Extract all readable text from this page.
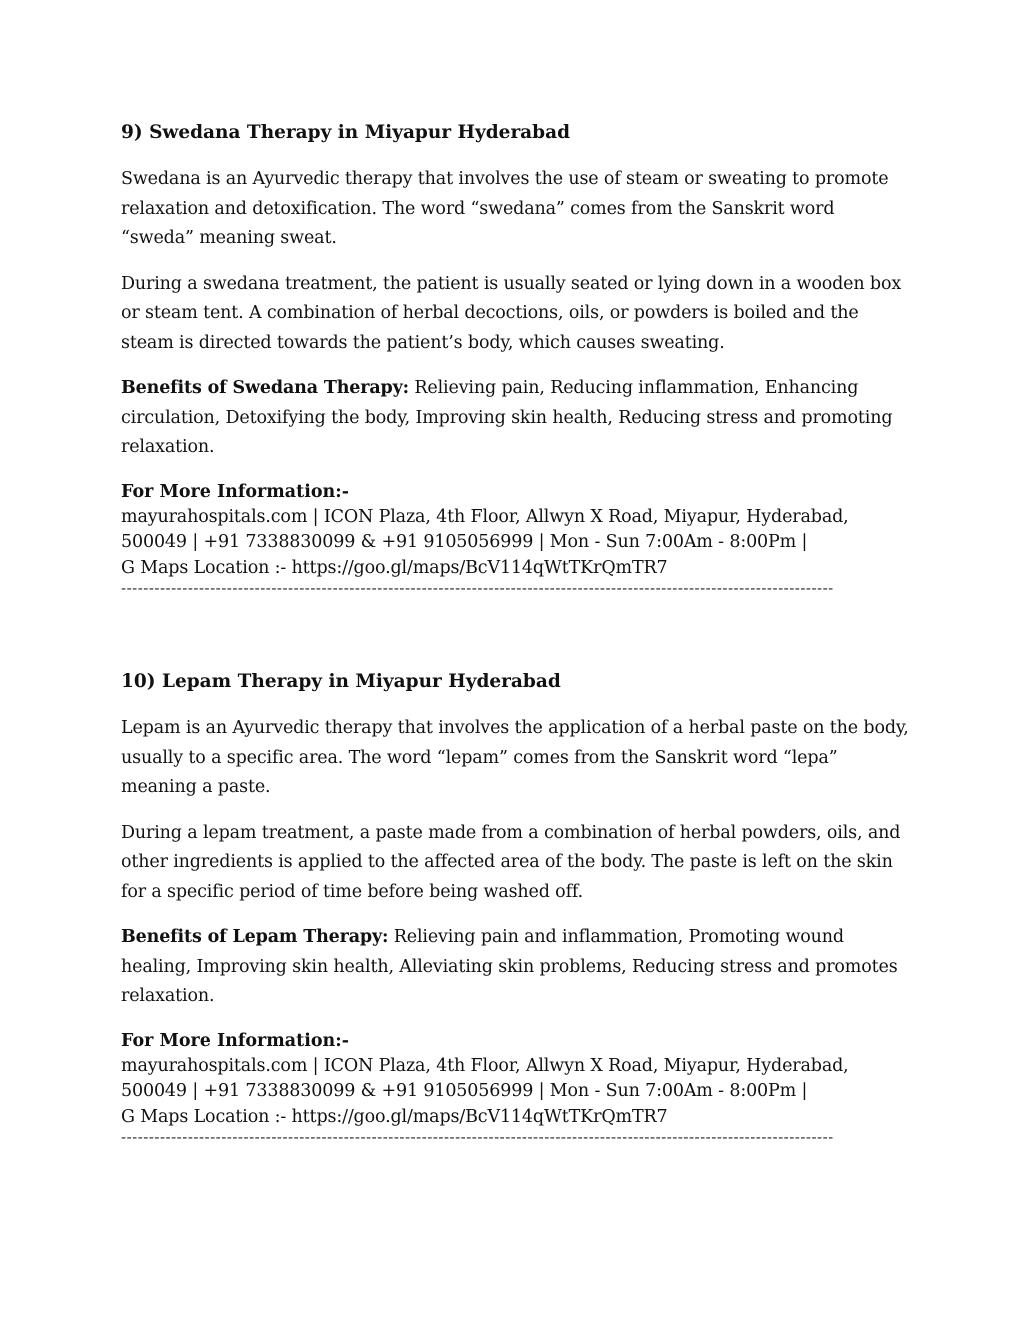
9) Swedana Therapy in Miyapur Hyderabad

Swedana is an Ayurvedic therapy that involves the use of steam or sweating to promote relaxation and detoxification. The word “swedana” comes from the Sanskrit word “sweda” meaning sweat.

During a swedana treatment, the patient is usually seated or lying down in a wooden box or steam tent. A combination of herbal decoctions, oils, or powders is boiled and the steam is directed towards the patient’s body, which causes sweating.

Benefits of Swedana Therapy: Relieving pain, Reducing inflammation, Enhancing circulation, Detoxifying the body, Improving skin health, Reducing stress and promoting relaxation.

For More Information:-

mayurahospitals.com | ICON Plaza, 4th Floor, Allwyn X Road, Miyapur, Hyderabad,

500049 | +91 7338830099 & +91 9105056999 | Mon - Sun 7:00Am - 8:00Pm |

G Maps Location :- https://goo.gl/maps/BcV114qWtTKrQmTR7

--------------------------------------------------------------------------------------------------------------------------------

10) Lepam Therapy in Miyapur Hyderabad

Lepam is an Ayurvedic therapy that involves the application of a herbal paste on the body, usually to a specific area. The word “lepam” comes from the Sanskrit word “lepa” meaning a paste.

During a lepam treatment, a paste made from a combination of herbal powders, oils, and other ingredients is applied to the affected area of the body. The paste is left on the skin for a specific period of time before being washed off.

Benefits of Lepam Therapy: Relieving pain and inflammation, Promoting wound healing, Improving skin health, Alleviating skin problems, Reducing stress and promotes relaxation.

For More Information:-

mayurahospitals.com | ICON Plaza, 4th Floor, Allwyn X Road, Miyapur, Hyderabad,

500049 | +91 7338830099 & +91 9105056999 | Mon - Sun 7:00Am - 8:00Pm |

G Maps Location :- https://goo.gl/maps/BcV114qWtTKrQmTR7

--------------------------------------------------------------------------------------------------------------------------------
